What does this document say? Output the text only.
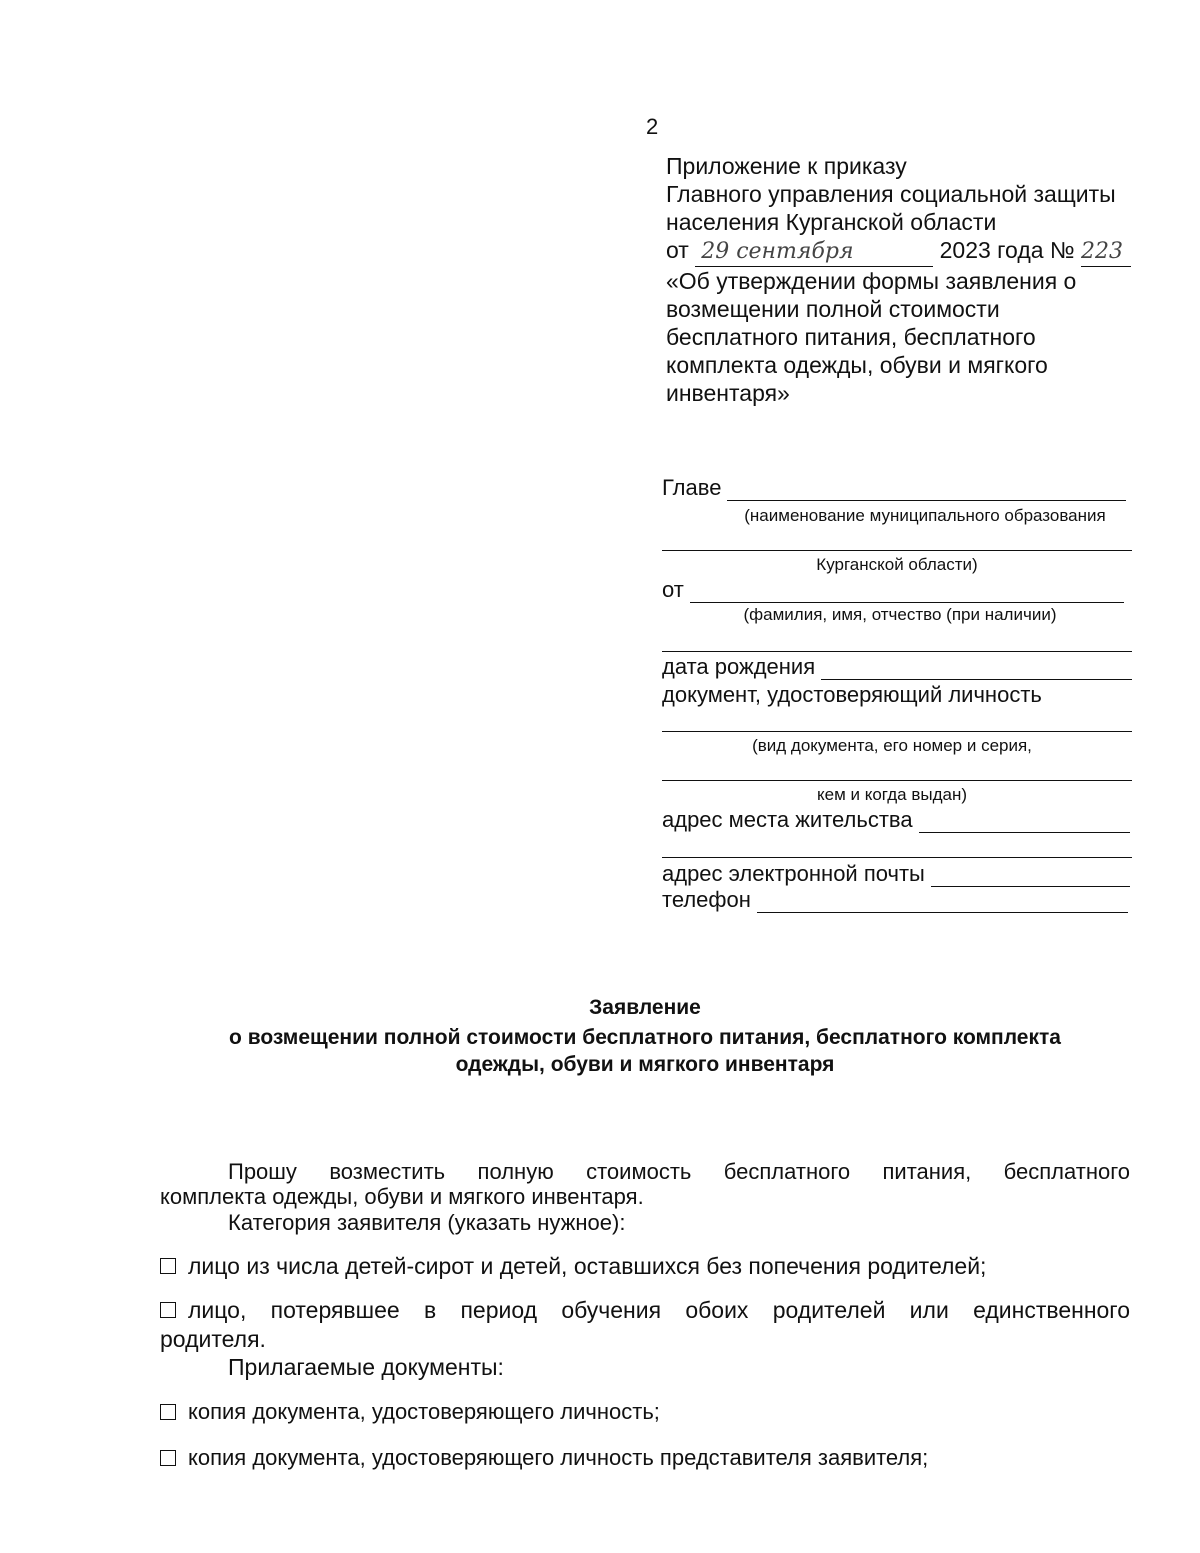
2
Приложение к приказу
Главного управления социальной защиты
населения Курганской области
от 29 сентября	2023 года № 223
«Об утверждении формы заявления о
возмещении полной стоимости
бесплатного питания, бесплатного
комплекта одежды, обуви и мягкого
инвентаря»
Главе
(наименование муниципального образования
Курганской области)
от
(фамилия, имя, отчество (при наличии)
дата рождения
документ, удостоверяющий личность
(вид документа, его номер и серия,
кем и когда выдан)
адрес места жительства
адрес электронной почты
телефон
Заявление
о возмещении полной стоимости бесплатного питания, бесплатного комплекта
одежды, обуви и мягкого инвентаря
Прошу возместить полную стоимость бесплатного питания, бесплатного
комплекта одежды, обуви и мягкого инвентаря.
Категория заявителя (указать нужное):
лицо из числа детей-сирот и детей, оставшихся без попечения родителей;
лицо, потерявшее в период обучения обоих родителей или единственного
родителя.
Прилагаемые документы:
копия документа, удостоверяющего личность;
копия документа, удостоверяющего личность представителя заявителя;
